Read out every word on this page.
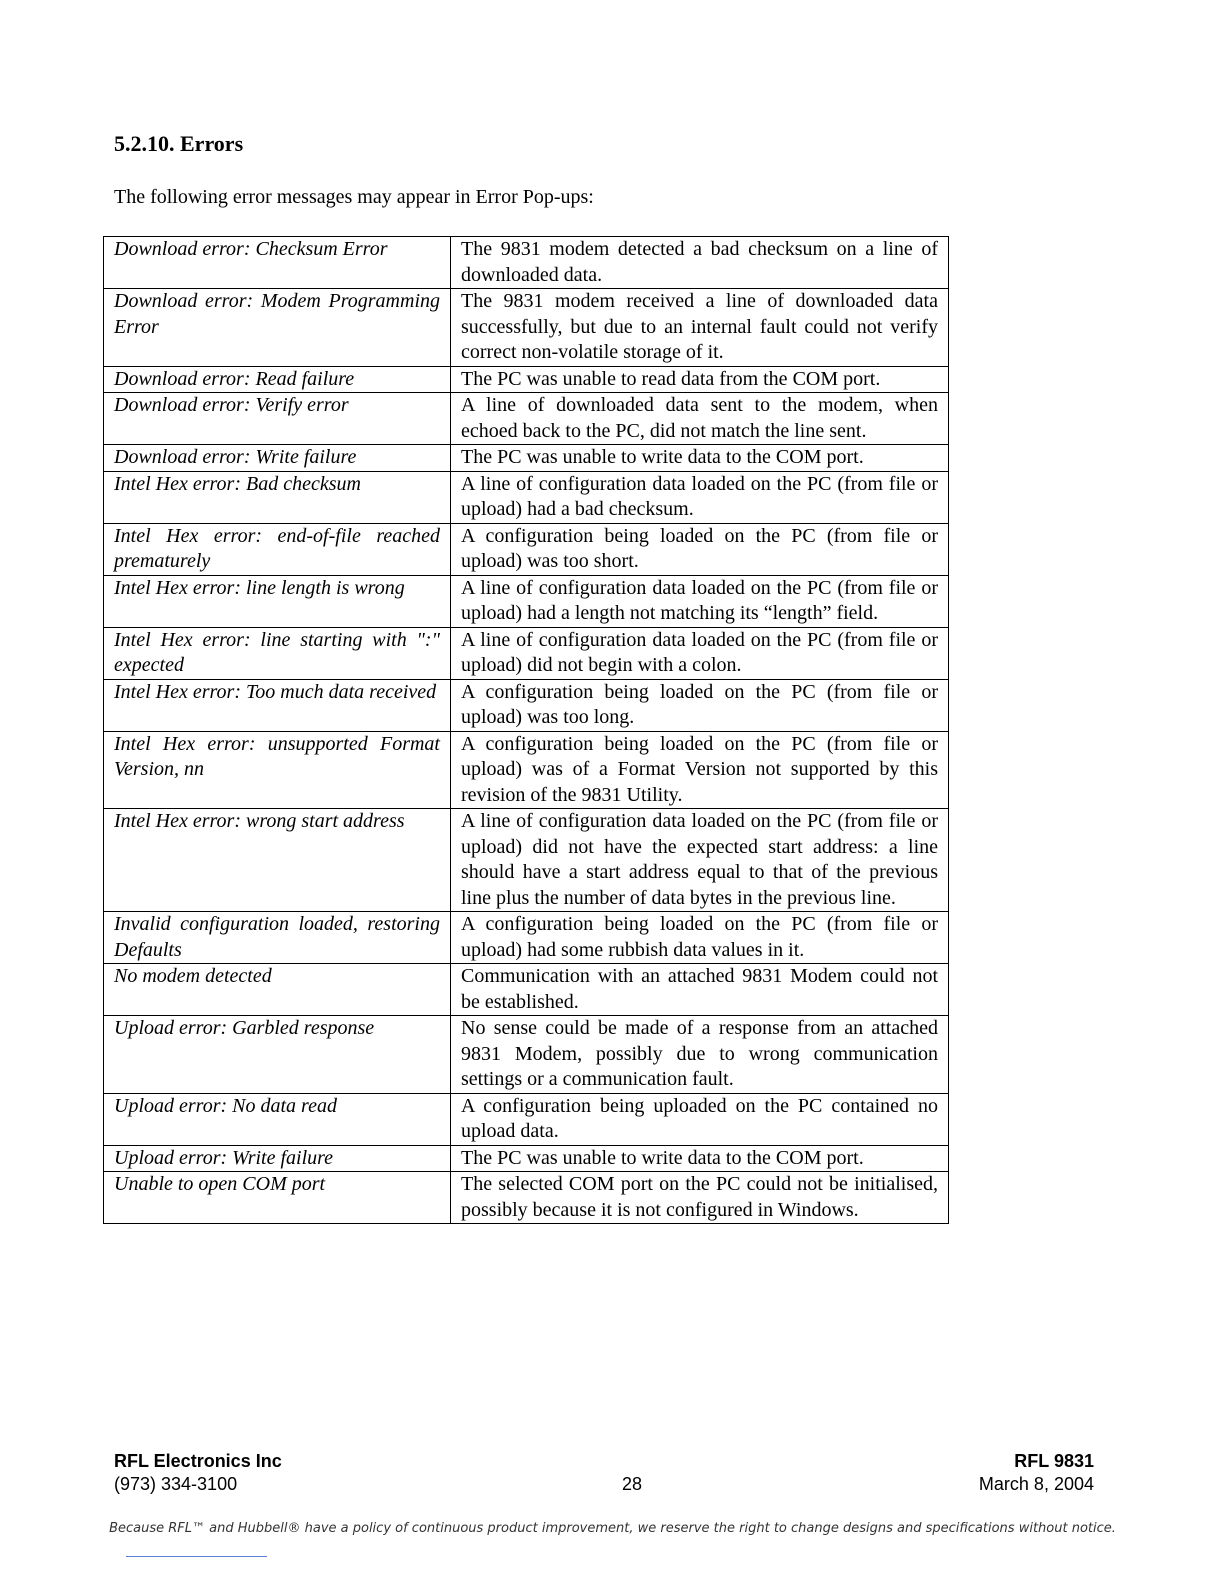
5.2.10. Errors

The following error messages may appear in Error Pop-ups:

Download error: Checksum Error	The 9831 modem detected a bad checksum on a line of downloaded data.
Download error: Modem Programming Error	The 9831 modem received a line of downloaded data successfully, but due to an internal fault could not verify correct non-volatile storage of it.
Download error: Read failure	The PC was unable to read data from the COM port.
Download error: Verify error	A line of downloaded data sent to the modem, when echoed back to the PC, did not match the line sent.
Download error: Write failure	The PC was unable to write data to the COM port.
Intel Hex error: Bad checksum	A line of configuration data loaded on the PC (from file or upload) had a bad checksum.
Intel Hex error: end-of-file reached prematurely	A configuration being loaded on the PC (from file or upload) was too short.
Intel Hex error: line length is wrong	A line of configuration data loaded on the PC (from file or upload) had a length not matching its “length” field.
Intel Hex error: line starting with ":" expected	A line of configuration data loaded on the PC (from file or upload) did not begin with a colon.
Intel Hex error: Too much data received	A configuration being loaded on the PC (from file or upload) was too long.
Intel Hex error: unsupported Format Version, nn	A configuration being loaded on the PC (from file or upload) was of a Format Version not supported by this revision of the 9831 Utility.
Intel Hex error: wrong start address	A line of configuration data loaded on the PC (from file or upload) did not have the expected start address: a line should have a start address equal to that of the previous line plus the number of data bytes in the previous line.
Invalid configuration loaded, restoring Defaults	A configuration being loaded on the PC (from file or upload) had some rubbish data values in it.
No modem detected	Communication with an attached 9831 Modem could not be established.
Upload error: Garbled response	No sense could be made of a response from an attached 9831 Modem, possibly due to wrong communication settings or a communication fault.
Upload error: No data read	A configuration being uploaded on the PC contained no upload data.
Upload error: Write failure	The PC was unable to write data to the COM port.
Unable to open COM port	The selected COM port on the PC could not be initialised, possibly because it is not configured in Windows.
RFL Electronics Inc
(973) 334-3100	28
RFL 9831
March 8, 2004

Because RFL™ and Hubbell® have a policy of continuous product improvement, we reserve the right to change designs and specifications without notice.
